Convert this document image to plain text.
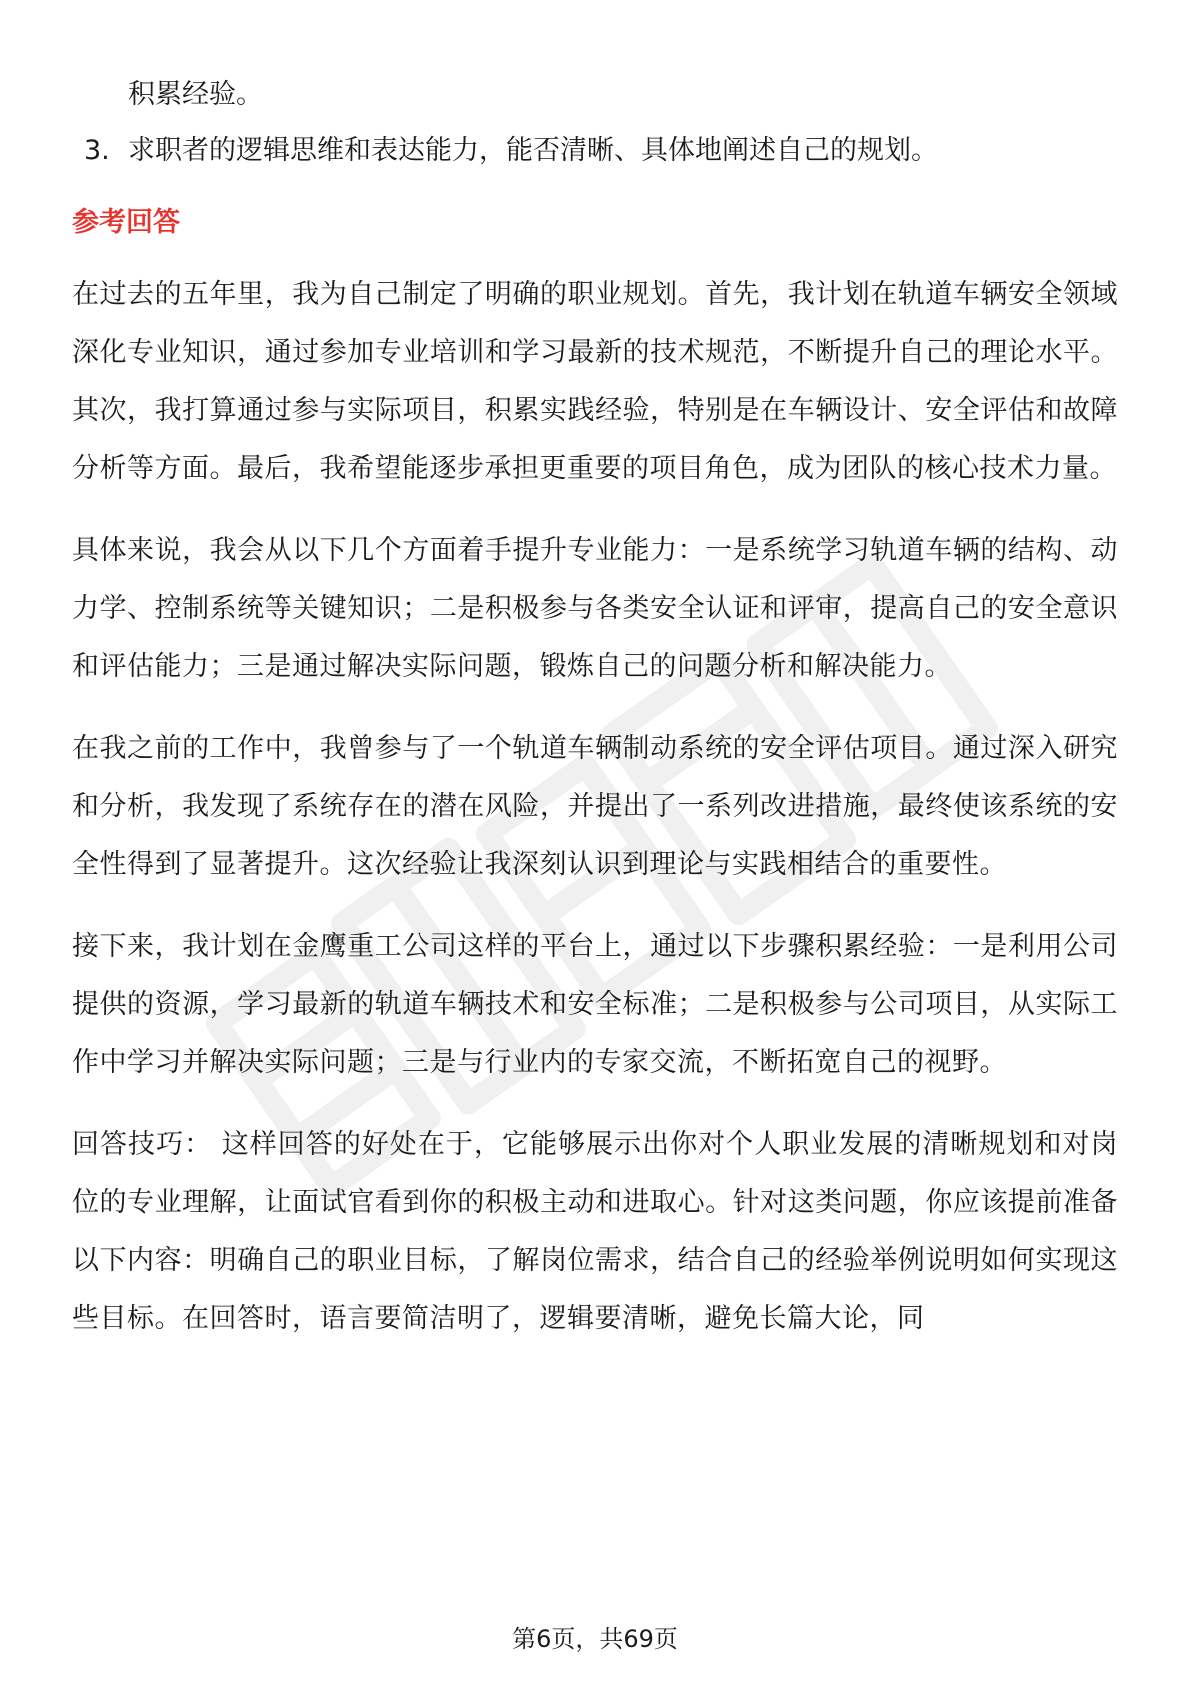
积累经验。

3. 求职者的逻辑思维和表达能力，能否清晰、具体地阐述自己的规划。
参考回答

在过去的五年里，我为自己制定了明确的职业规划。首先，我计划在轨道车辆安全领域深化专业知识，通过参加专业培训和学习最新的技术规范，不断提升自己的理论水平。其次，我打算通过参与实际项目，积累实践经验，特别是在车辆设计、安全评估和故障分析等方面。最后，我希望能逐步承担更重要的项目角色，成为团队的核心技术力量。

具体来说，我会从以下几个方面着手提升专业能力：一是系统学习轨道车辆的结构、动力学、控制系统等关键知识；二是积极参与各类安全认证和评审，提高自己的安全意识和评估能力；三是通过解决实际问题，锻炼自己的问题分析和解决能力。

在我之前的工作中，我曾参与了一个轨道车辆制动系统的安全评估项目。通过深入研究和分析，我发现了系统存在的潜在风险，并提出了一系列改进措施，最终使该系统的安全性得到了显著提升。这次经验让我深刻认识到理论与实践相结合的重要性。

接下来，我计划在金鹰重工公司这样的平台上，通过以下步骤积累经验：一是利用公司提供的资源，学习最新的轨道车辆技术和安全标准；二是积极参与公司项目，从实际工作中学习并解决实际问题；三是与行业内的专家交流，不断拓宽自己的视野。

回答技巧： 这样回答的好处在于，它能够展示出你对个人职业发展的清晰规划和对岗位的专业理解，让面试官看到你的积极主动和进取心。针对这类问题，你应该提前准备以下内容：明确自己的职业目标，了解岗位需求，结合自己的经验举例说明如何实现这些目标。在回答时，语言要简洁明了，逻辑要清晰，避免长篇大论，同

第6页，共69页
